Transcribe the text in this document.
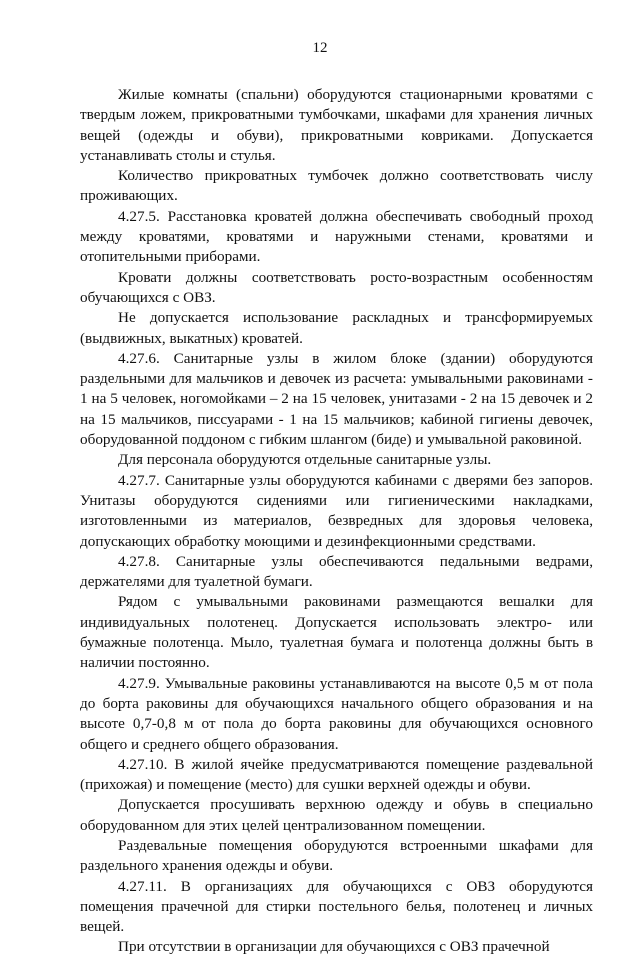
12

Жилые комнаты (спальни) оборудуются стационарными кроватями с твердым ложем, прикроватными тумбочками, шкафами для хранения личных вещей (одежды и обуви), прикроватными ковриками. Допускается устанавливать столы и стулья.

Количество прикроватных тумбочек должно соответствовать числу проживающих.

4.27.5. Расстановка кроватей должна обеспечивать свободный проход между кроватями, кроватями и наружными стенами, кроватями и отопительными приборами.

Кровати должны соответствовать росто-возрастным особенностям обучающихся с ОВЗ.

Не допускается использование раскладных и трансформируемых (выдвижных, выкатных) кроватей.

4.27.6. Санитарные узлы в жилом блоке (здании) оборудуются раздельными для мальчиков и девочек из расчета: умывальными раковинами - 1 на 5 человек, ногомойками – 2 на 15 человек, унитазами - 2 на 15 девочек и 2 на 15 мальчиков, писсуарами - 1 на 15 мальчиков; кабиной гигиены девочек, оборудованной поддоном с гибким шлангом (биде) и умывальной раковиной.

Для персонала оборудуются отдельные санитарные узлы.

4.27.7. Санитарные узлы оборудуются кабинами с дверями без запоров. Унитазы оборудуются сидениями или гигиеническими накладками, изготовленными из материалов, безвредных для здоровья человека, допускающих обработку моющими и дезинфекционными средствами.

4.27.8. Санитарные узлы обеспечиваются педальными ведрами, держателями для туалетной бумаги.

Рядом с умывальными раковинами размещаются вешалки для индивидуальных полотенец. Допускается использовать электро- или бумажные полотенца. Мыло, туалетная бумага и полотенца должны быть в наличии постоянно.

4.27.9. Умывальные раковины устанавливаются на высоте 0,5 м от пола до борта раковины для обучающихся начального общего образования и на высоте 0,7-0,8 м от пола до борта раковины для обучающихся основного общего и среднего общего образования.

4.27.10. В жилой ячейке предусматриваются помещение раздевальной (прихожая) и помещение (место) для сушки верхней одежды и обуви.

Допускается просушивать верхнюю одежду и обувь в специально оборудованном для этих целей централизованном помещении.

Раздевальные помещения оборудуются встроенными шкафами для раздельного хранения одежды и обуви.

4.27.11. В организациях для обучающихся с ОВЗ оборудуются помещения прачечной для стирки постельного белья, полотенец и личных вещей.

При отсутствии в организации для обучающихся с ОВЗ прачечной
